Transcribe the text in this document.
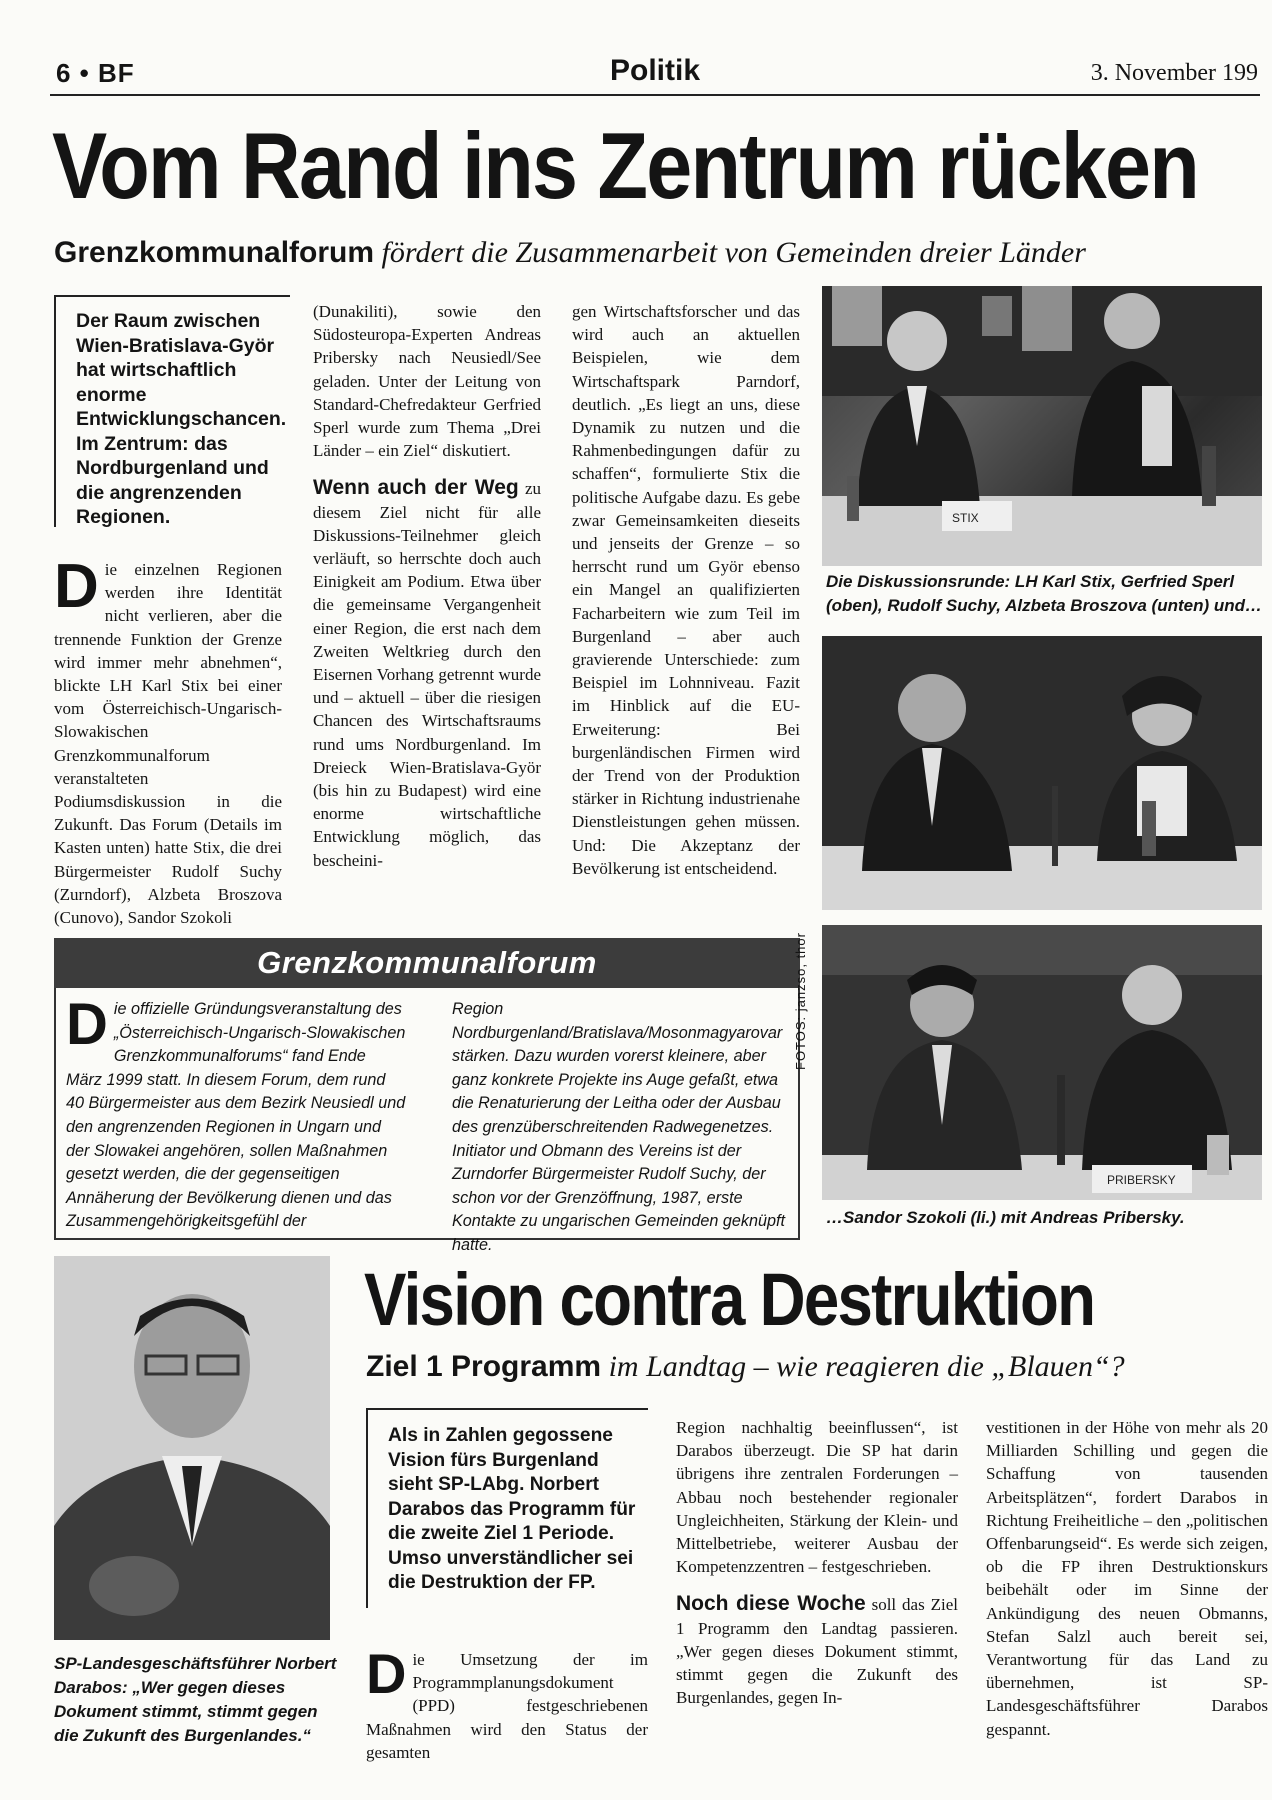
6 • BF	Politik	3. November 199
Vom Rand ins Zentrum rücken
Grenzkommunalforum fördert die Zusammenarbeit von Gemeinden dreier Länder
Der Raum zwischen Wien-Bratislava-Györ hat wirtschaftlich enorme Entwicklungschancen. Im Zentrum: das Nordburgenland und die angrenzenden Regionen.
D ie einzelnen Regionen werden ihre Identität nicht verlieren, aber die trennende Funktion der Grenze wird immer mehr abnehmen“, blickte LH Karl Stix bei einer vom Österreichisch-Ungarisch-Slowakischen Grenzkommunalforum veranstalteten Podiumsdiskussion in die Zukunft. Das Forum (Details im Kasten unten) hatte Stix, die drei Bürgermeister Rudolf Suchy (Zurndorf), Alzbeta Broszova (Cunovo), Sandor Szokoli

(Dunakiliti), sowie den Südosteuropa-Experten Andreas Pribersky nach Neusiedl/See geladen. Unter der Leitung von Standard-Chefredakteur Gerfried Sperl wurde zum Thema „Drei Länder – ein Ziel“ diskutiert.

Wenn auch der Weg zu diesem Ziel nicht für alle Diskussions-Teilnehmer gleich verläuft, so herrschte doch auch Einigkeit am Podium. Etwa über die gemeinsame Vergangenheit einer Region, die erst nach dem Zweiten Weltkrieg durch den Eisernen Vorhang getrennt wurde und – aktuell – über die riesigen Chancen des Wirtschaftsraums rund ums Nordburgenland. Im Dreieck Wien-Bratislava-Györ (bis hin zu Budapest) wird eine enorme wirtschaftliche Entwicklung möglich, das bescheini-

gen Wirtschaftsforscher und das wird auch an aktuellen Beispielen, wie dem Wirtschaftspark Parndorf, deutlich. „Es liegt an uns, diese Dynamik zu nutzen und die Rahmenbedingungen dafür zu schaffen“, formulierte Stix die politische Aufgabe dazu. Es gebe zwar Gemeinsamkeiten dieseits und jenseits der Grenze – so herrscht rund um Györ ebenso ein Mangel an qualifizierten Facharbeitern wie zum Teil im Burgenland – aber auch gravierende Unterschiede: zum Beispiel im Lohnniveau. Fazit im Hinblick auf die EU-Erweiterung: Bei burgenländischen Firmen wird der Trend von der Produktion stärker in Richtung industrienahe Dienstleistungen gehen müssen. Und: Die Akzeptanz der Bevölkerung ist entscheidend.
STIX
Die Diskussionsrunde: LH Karl Stix, Gerfried Sperl (oben), Rudolf Suchy, Alzbeta Broszova (unten) und…
PRIBERSKY
…Sandor Szokoli (li.) mit Andreas Pribersky.
Grenzkommunalforum
D ie offizielle Gründungsveranstaltung des „Österreichisch-Ungarisch-Slowakischen Grenzkommunalforums“ fand Ende März 1999 statt. In diesem Forum, dem rund 40 Bürgermeister aus dem Bezirk Neusiedl und den angrenzenden Regionen in Ungarn und der Slowakei angehören, sollen Maßnahmen gesetzt werden, die der gegenseitigen Annäherung der Bevölkerung dienen und das Zusammengehörigkeitsgefühl der
Region Nordburgenland/Bratislava/Mosonmagyarovar stärken. Dazu wurden vorerst kleinere, aber ganz konkrete Projekte ins Auge gefaßt, etwa die Renaturierung der Leitha oder der Ausbau des grenzüberschreitenden Radwegenetzes. Initiator und Obmann des Vereins ist der Zurndorfer Bürgermeister Rudolf Suchy, der schon vor der Grenzöffnung, 1987, erste Kontakte zu ungarischen Gemeinden geknüpft hatte.
FOTOS: janzso, thor
SP-Landesgeschäftsführer Norbert Darabos: „Wer gegen dieses Dokument stimmt, stimmt gegen die Zukunft des Burgenlandes.“
Vision contra Destruktion
Ziel 1 Programm im Landtag – wie reagieren die „Blauen“?
Als in Zahlen gegossene Vision fürs Burgenland sieht SP-LAbg. Norbert Darabos das Programm für die zweite Ziel 1 Periode. Umso unverständlicher sei die Destruktion der FP.
D ie Umsetzung der im Programmplanungsdokument (PPD) festgeschriebenen Maßnahmen wird den Status der gesamten

Region nachhaltig beeinflussen“, ist Darabos überzeugt. Die SP hat darin übrigens ihre zentralen Forderungen – Abbau noch bestehender regionaler Ungleichheiten, Stärkung der Klein- und Mittelbetriebe, weiterer Ausbau der Kompetenzzentren – festgeschrieben.

Noch diese Woche soll das Ziel 1 Programm den Landtag passieren. „Wer gegen dieses Dokument stimmt, stimmt gegen die Zukunft des Burgenlandes, gegen In-

vestitionen in der Höhe von mehr als 20 Milliarden Schilling und gegen die Schaffung von tausenden Arbeitsplätzen“, fordert Darabos in Richtung Freiheitliche – den „politischen Offenbarungseid“. Es werde sich zeigen, ob die FP ihren Destruktionskurs beibehält oder im Sinne der Ankündigung des neuen Obmanns, Stefan Salzl auch bereit sei, Verantwortung für das Land zu übernehmen, ist SP-Landesgeschäftsführer Darabos gespannt.
